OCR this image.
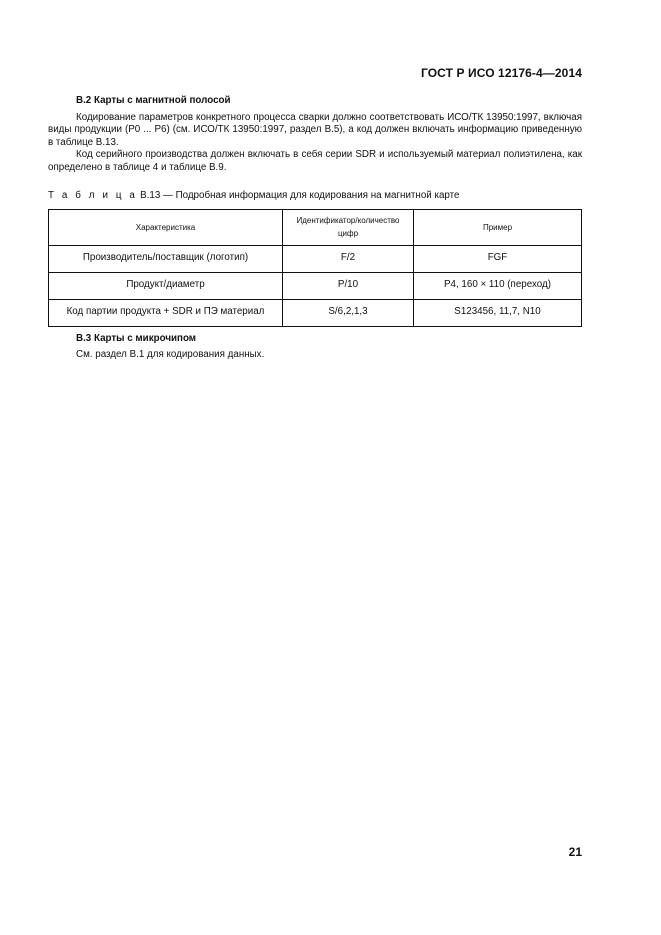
ГОСТ Р ИСО 12176-4—2014
В.2 Карты с магнитной полосой

Кодирование параметров конкретного процесса сварки должно соответствовать ИСО/ТК 13950:1997, включая виды продукции (Р0 ... Р6) (см. ИСО/ТК 13950:1997, раздел В.5), а код должен включать информацию приведенную в таблице В.13.

Код серийного производства должен включать в себя серии SDR и используемый материал полиэтилена, как определено в таблице 4 и таблице В.9.

Т а б л и ц а В.13 — Подробная информация для кодирования на магнитной карте
Характеристика	Идентификатор/количество цифр	Пример
Производитель/поставщик (логотип)	F/2	FGF
Продукт/диаметр	P/10	P4, 160 × 110 (переход)
Код партии продукта + SDR и ПЭ материал	S/6,2,1,3	S123456, 11,7, N10
В.3 Карты с микрочипом

См. раздел В.1 для кодирования данных.

21
